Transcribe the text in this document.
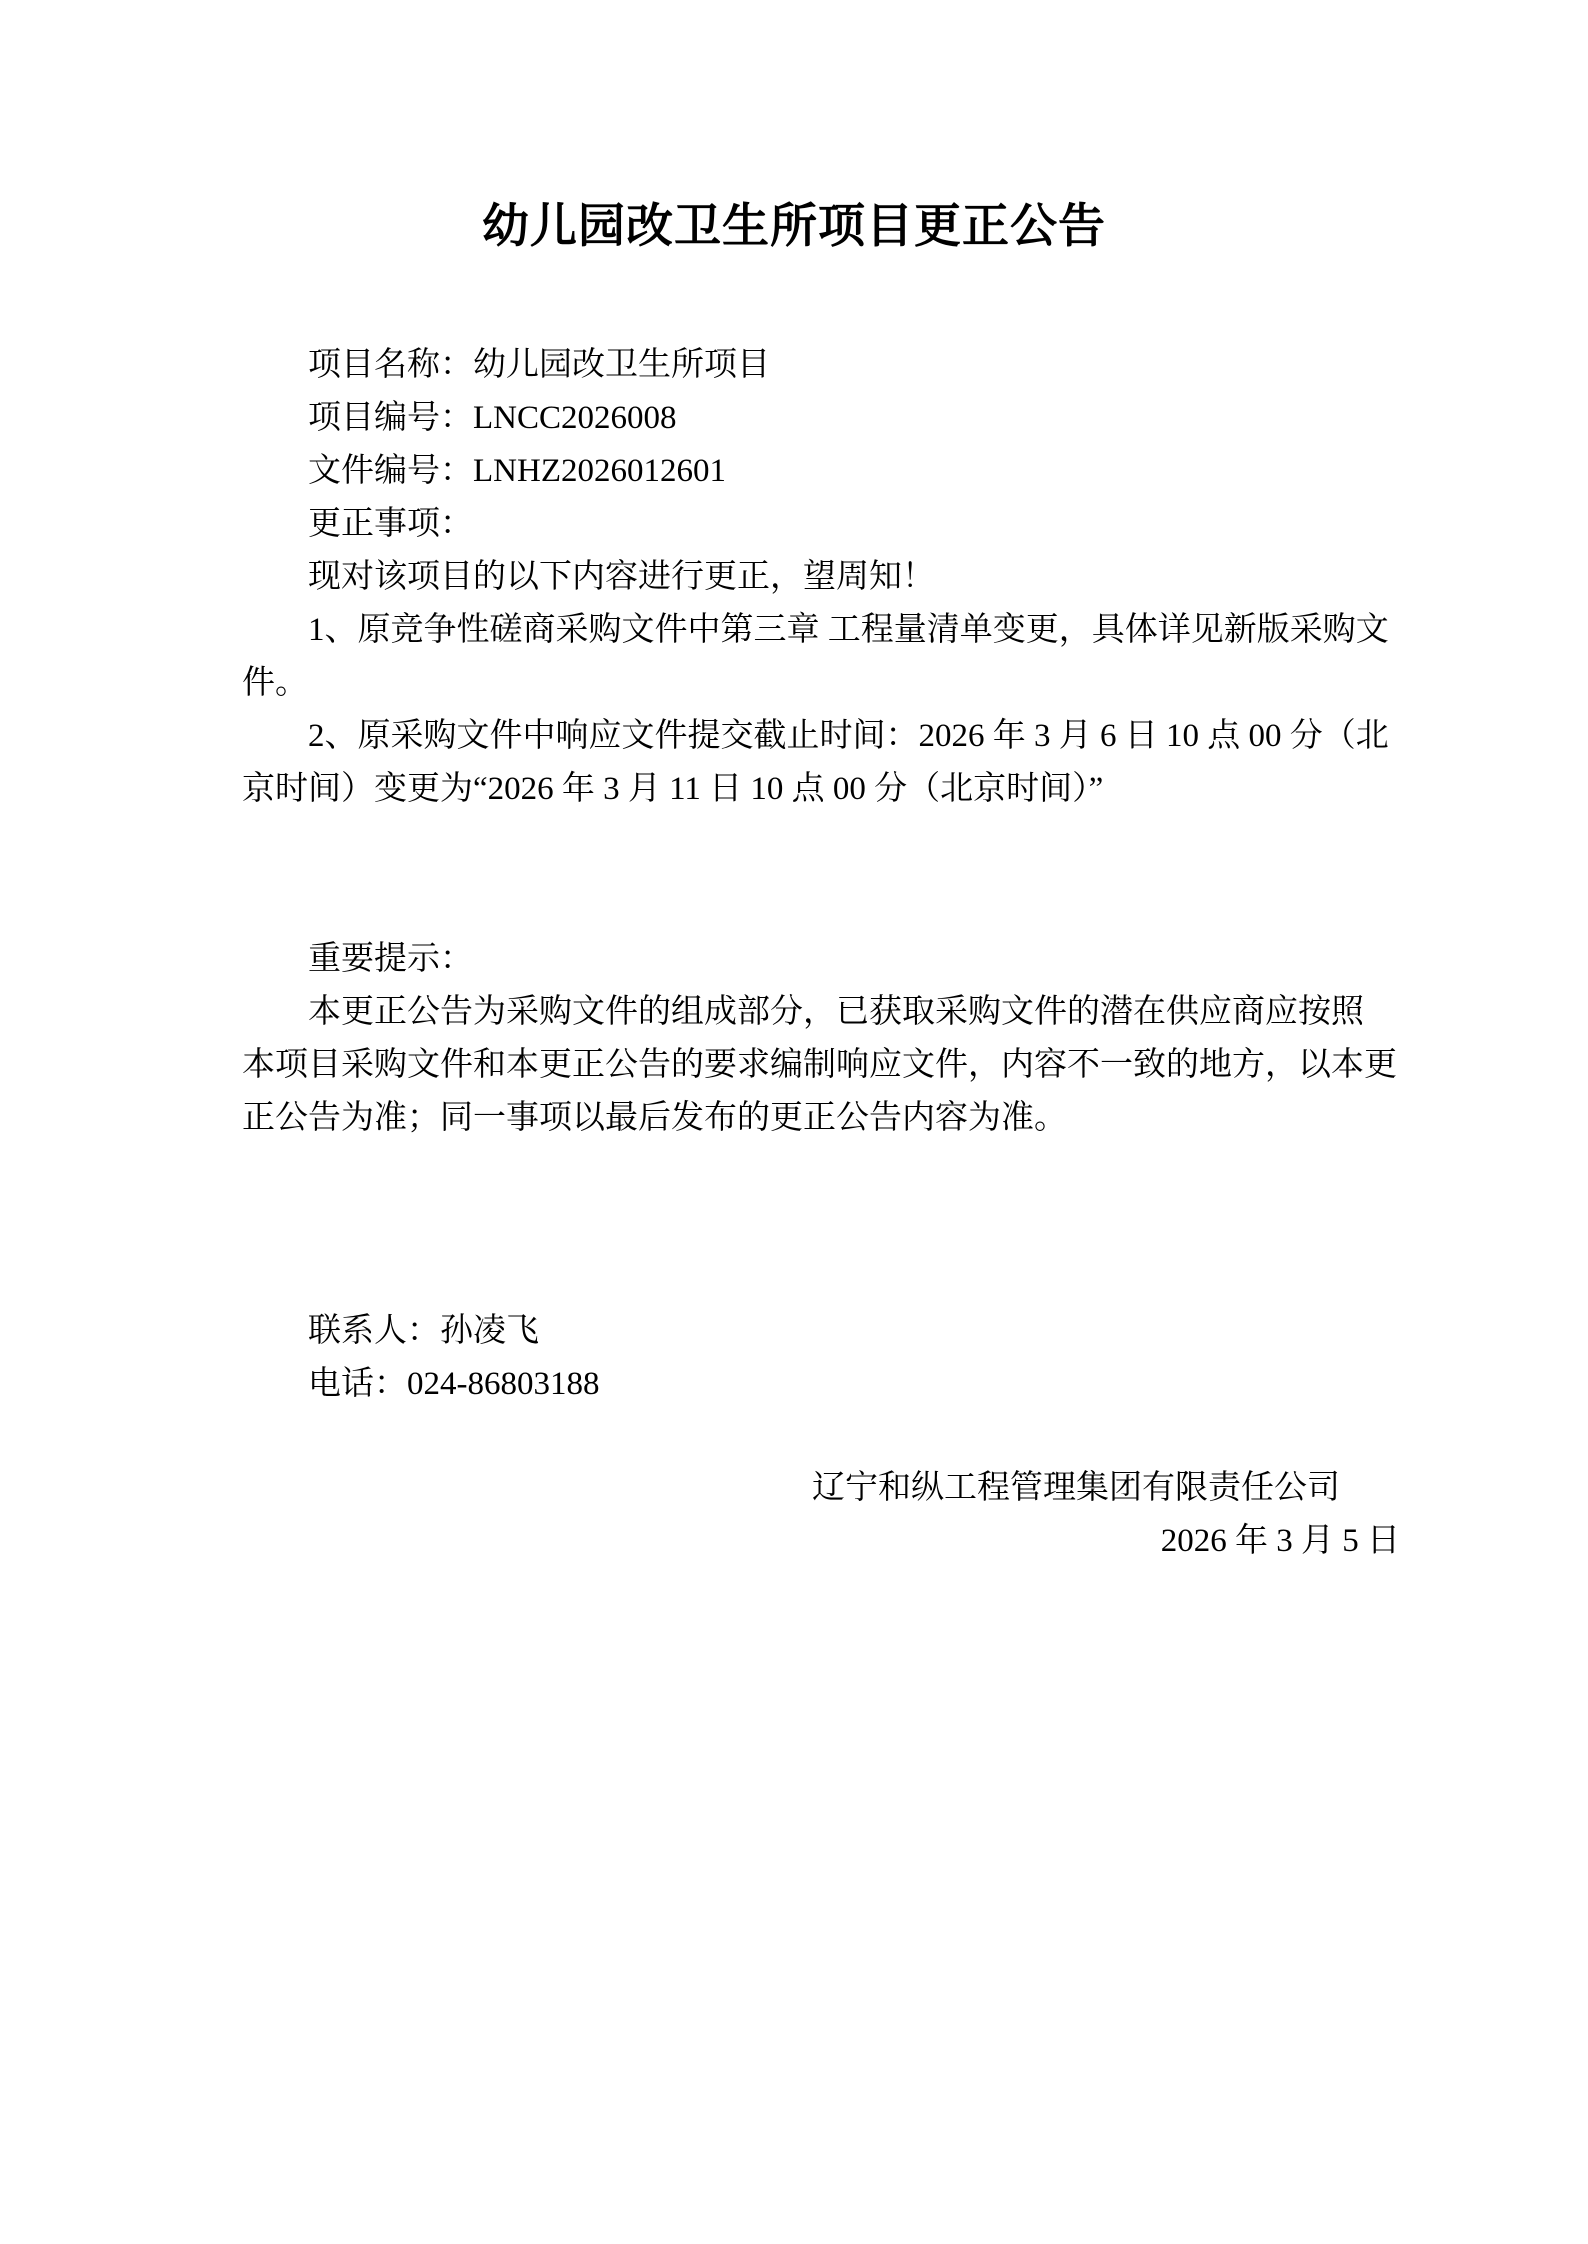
幼儿园改卫生所项目更正公告
项目名称：幼儿园改卫生所项目
项目编号：LNCC2026008
文件编号：LNHZ2026012601
更正事项：
现对该项目的以下内容进行更正，望周知！
1、原竞争性磋商采购文件中第三章 工程量清单变更，具体详见新版采购文
件。
2、原采购文件中响应文件提交截止时间：2026 年 3 月 6 日 10 点 00 分（北
京时间）变更为“2026 年 3 月 11 日 10 点 00 分（北京时间）”
重要提示：
本更正公告为采购文件的组成部分，已获取采购文件的潜在供应商应按照
本项目采购文件和本更正公告的要求编制响应文件，内容不一致的地方，以本更
正公告为准；同一事项以最后发布的更正公告内容为准。
联系人：孙凌飞
电话：024-86803188
辽宁和纵工程管理集团有限责任公司
2026 年 3 月 5 日
